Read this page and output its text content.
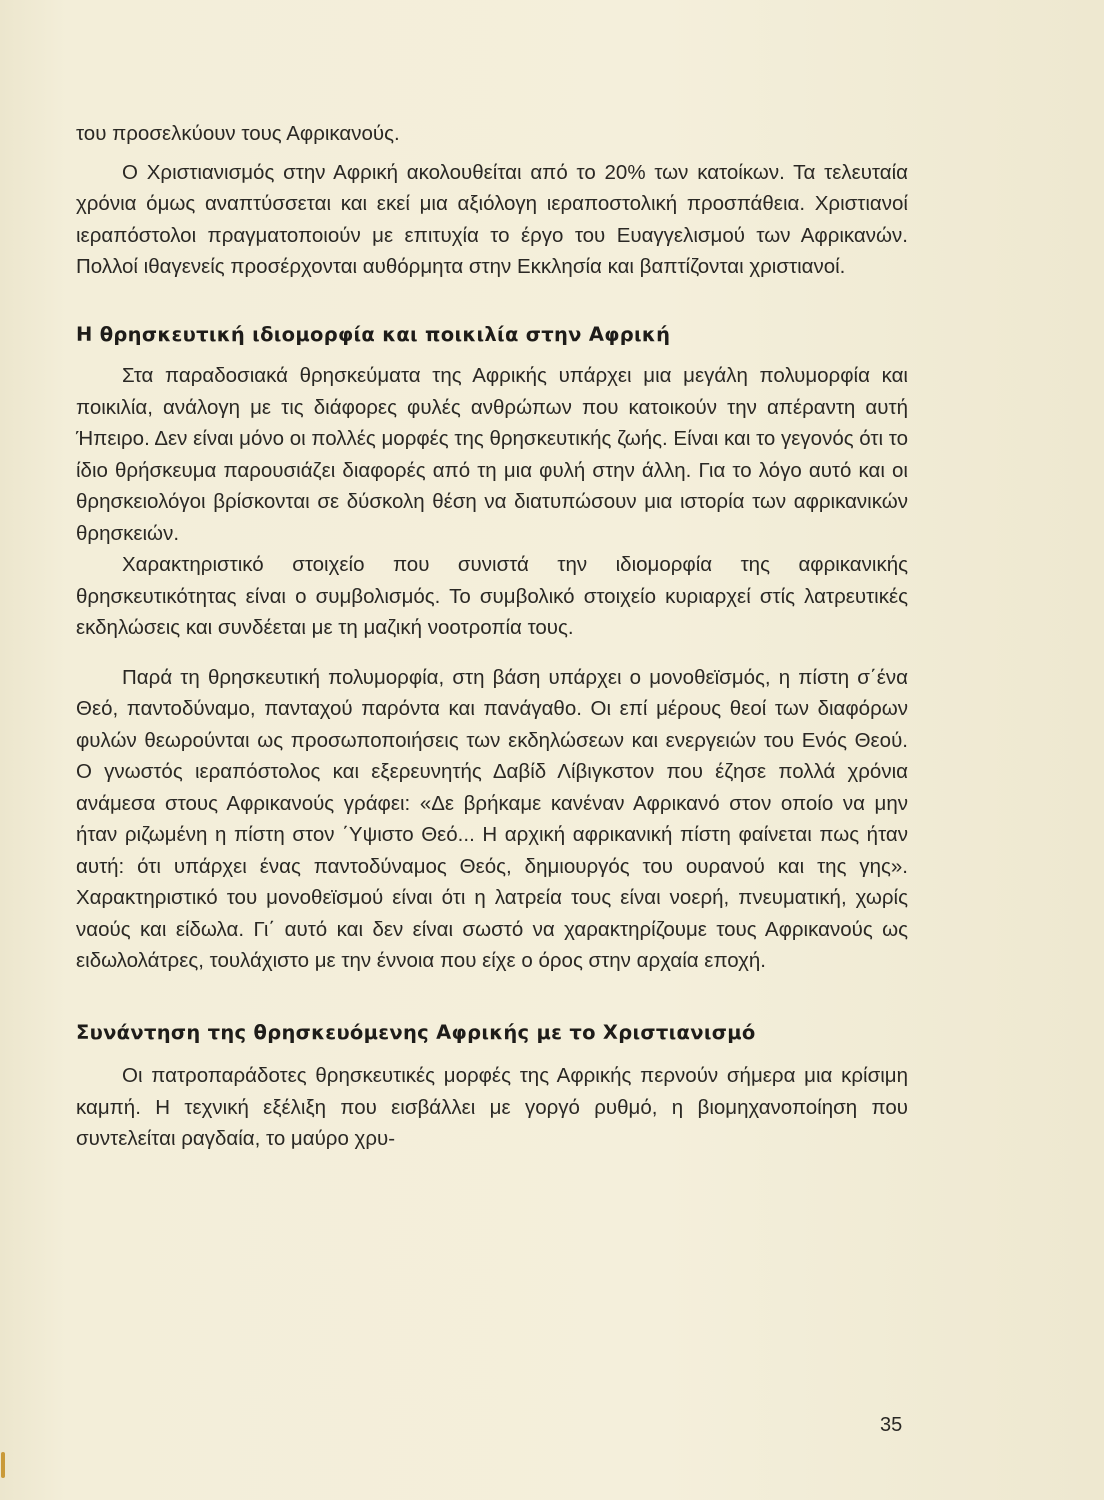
του προσελκύουν τους Αφρικανούς.

Ο Χριστιανισμός στην Αφρική ακολουθείται από το 20% των κατοίκων. Τα τελευταία χρόνια όμως αναπτύσσεται και εκεί μια αξιόλογη ιεραποστολική προσπάθεια. Χριστιανοί ιεραπόστολοι πραγματοποιούν με επιτυχία το έργο του Ευαγγελισμού των Αφρικανών. Πολλοί ιθαγενείς προσέρχονται αυθόρμητα στην Εκκλησία και βαπτίζονται χριστιανοί.

Η θρησκευτική ιδιομορφία και ποικιλία στην Αφρική

Στα παραδοσιακά θρησκεύματα της Αφρικής υπάρχει μια μεγάλη πολυμορφία και ποικιλία, ανάλογη με τις διάφορες φυλές ανθρώπων που κατοικούν την απέραντη αυτή Ήπειρο. Δεν είναι μόνο οι πολλές μορφές της θρησκευτικής ζωής. Είναι και το γεγονός ότι το ίδιο θρήσκευμα παρουσιάζει διαφορές από τη μια φυλή στην άλλη. Για το λόγο αυτό και οι θρησκειολόγοι βρίσκονται σε δύσκολη θέση να διατυπώσουν μια ιστορία των αφρικανικών θρησκειών.

Χαρακτηριστικό στοιχείο που συνιστά την ιδιομορφία της αφρικανικής θρησκευτικότητας είναι ο συμβολισμός. Το συμβολικό στοιχείο κυριαρχεί στίς λατρευτικές εκδηλώσεις και συνδέεται με τη μαζική νοοτροπία τους.

Παρά τη θρησκευτική πολυμορφία, στη βάση υπάρχει ο μονοθεϊσμός, η πίστη σ΄ένα Θεό, παντοδύναμο, πανταχού παρόντα και πανάγαθο. Οι επί μέρους θεοί των διαφόρων φυλών θεωρούνται ως προσωποποιήσεις των εκδηλώσεων και ενεργειών του Ενός Θεού. Ο γνωστός ιεραπόστολος και εξερευνητής Δαβίδ Λίβιγκστον που έζησε πολλά χρόνια ανάμεσα στους Αφρικανούς γράφει: «Δε βρήκαμε κανέναν Αφρικανό στον οποίο να μην ήταν ριζωμένη η πίστη στον ΄Υψιστο Θεό... Η αρχική αφρικανική πίστη φαίνεται πως ήταν αυτή: ότι υπάρχει ένας παντοδύναμος Θεός, δημιουργός του ουρανού και της γης». Χαρακτηριστικό του μονοθεϊσμού είναι ότι η λατρεία τους είναι νοερή, πνευματική, χωρίς ναούς και είδωλα. Γι΄ αυτό και δεν είναι σωστό να χαρακτηρίζουμε τους Αφρικανούς ως ειδωλολάτρες, τουλάχιστο με την έννοια που είχε ο όρος στην αρχαία εποχή.

Συνάντηση της θρησκευόμενης Αφρικής με το Χριστιανισμό

Οι πατροπαράδοτες θρησκευτικές μορφές της Αφρικής περνούν σήμερα μια κρίσιμη καμπή. Η τεχνική εξέλιξη που εισβάλλει με γοργό ρυθμό, η βιομηχανοποίηση που συντελείται ραγδαία, το μαύρο χρυ-

35
